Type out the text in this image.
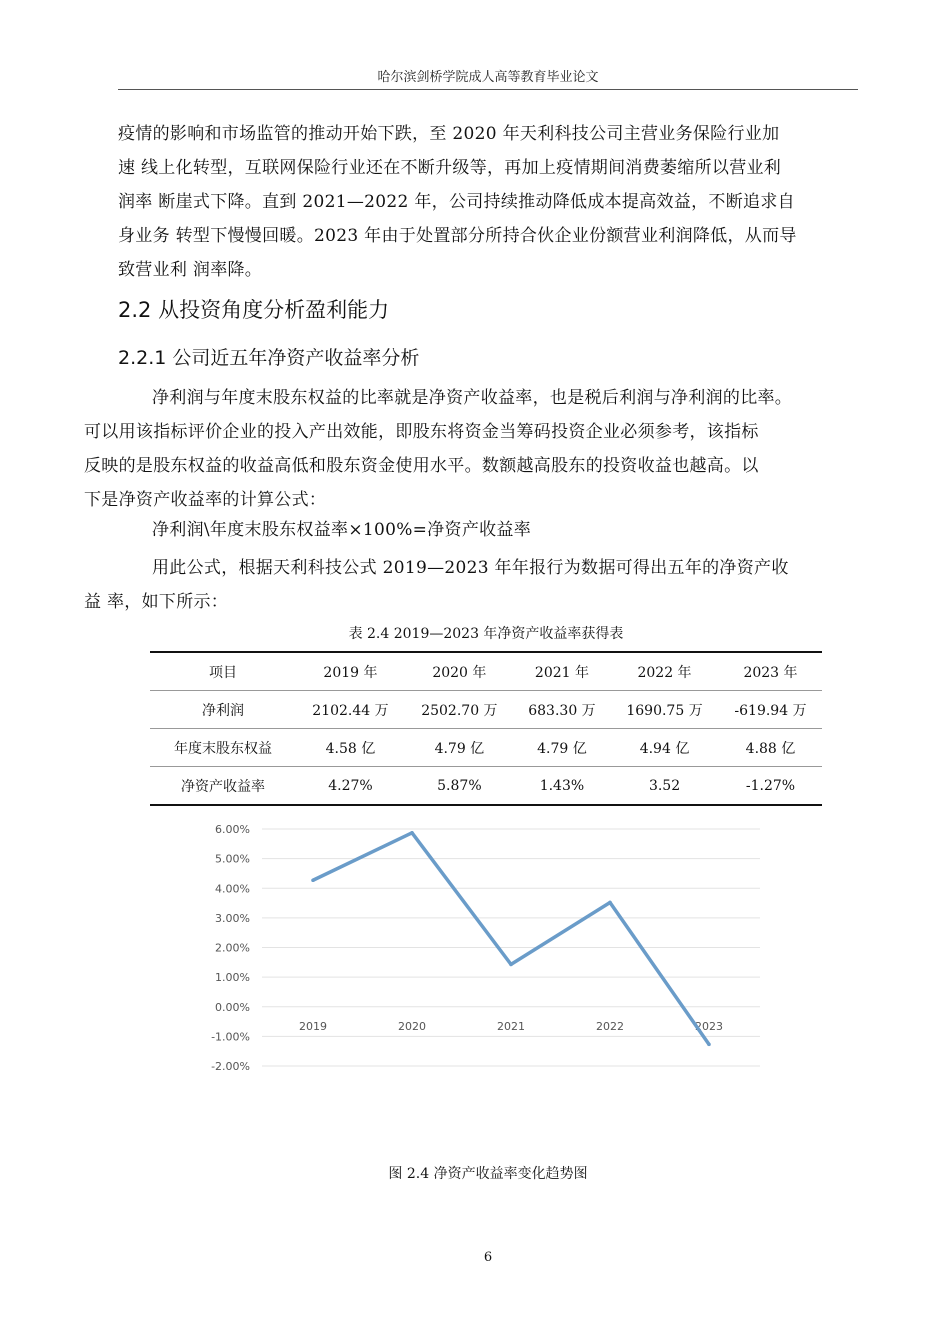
哈尔滨剑桥学院成人高等教育毕业论文
疫情的影响和市场监管的推动开始下跌，至 2020 年天利科技公司主营业务保险行业加
速 线上化转型，互联网保险行业还在不断升级等，再加上疫情期间消费萎缩所以营业利
润率 断崖式下降。直到 2021—2022 年，公司持续推动降低成本提高效益，不断追求自
身业务 转型下慢慢回暖。2023 年由于处置部分所持合伙企业份额营业利润降低，从而导
致营业利 润率降。
2.2 从投资角度分析盈利能力
2.2.1 公司近五年净资产收益率分析
净利润与年度末股东权益的比率就是净资产收益率，也是税后利润与净利润的比率。
可以用该指标评价企业的投入产出效能，即股东将资金当筹码投资企业必须参考，该指标
反映的是股东权益的收益高低和股东资金使用水平。数额越高股东的投资收益也越高。以
下是净资产收益率的计算公式：
净利润\年度末股东权益率×100%=净资产收益率
用此公式，根据天利科技公式 2019—2023 年年报行为数据可得出五年的净资产收
益 率，如下所示：
表 2.4 2019—2023 年净资产收益率获得表
项目	2019 年	2020 年	2021 年	2022 年	2023 年
净利润	2102.44 万	2502.70 万	683.30 万	1690.75 万	-619.94 万
年度末股东权益	4.58 亿	4.79 亿	4.79 亿	4.94 亿	4.88 亿
净资产收益率	4.27%	5.87%	1.43%	3.52	-1.27%
6.00%
5.00%
4.00%
3.00%
2.00%
1.00%
0.00%
-1.00%
-2.00%
2019	2020	2021	2022	2023
图 2.4 净资产收益率变化趋势图
6
